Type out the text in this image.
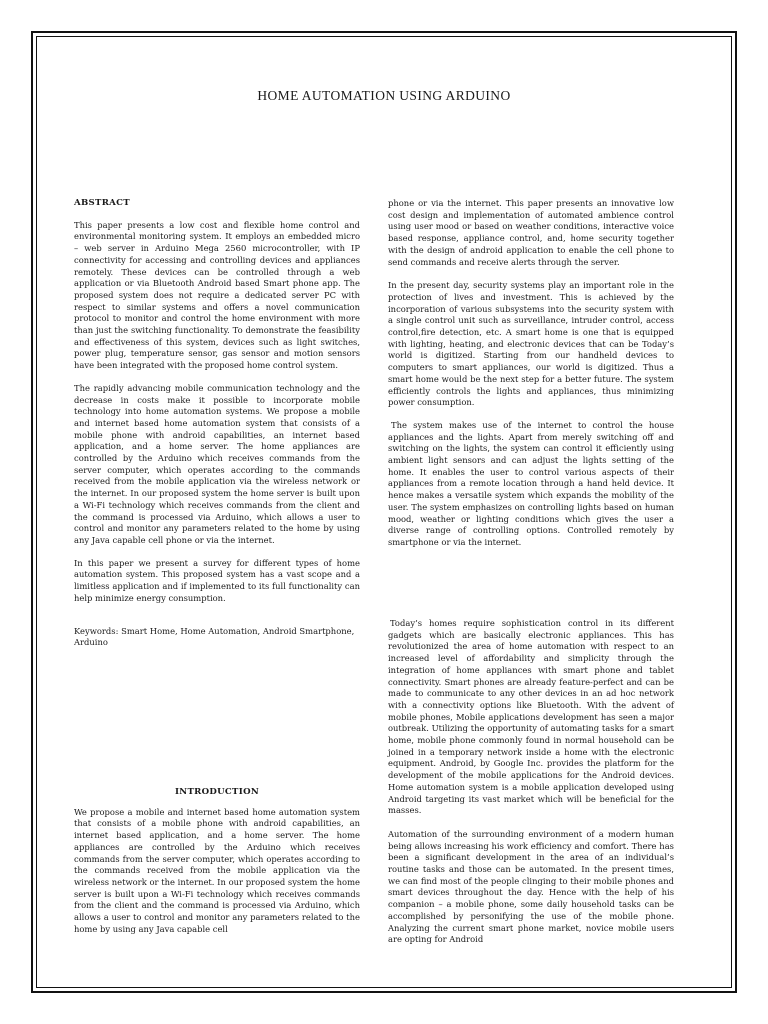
HOME AUTOMATION USING ARDUINO

ABSTRACT

This paper presents a low cost and flexible home control and environmental monitoring system. It employs an embedded micro – web server in Arduino Mega 2560 microcontroller, with IP connectivity for accessing and controlling devices and appliances remotely. These devices can be controlled through a web application or via Bluetooth Android based Smart phone app. The proposed system does not require a dedicated server PC with respect to similar systems and offers a novel communication protocol to monitor and control the home environment with more than just the switching functionality. To demonstrate the feasibility and effectiveness of this system, devices such as light switches, power plug, temperature sensor, gas sensor and motion sensors have been integrated with the proposed home control system.

The rapidly advancing mobile communication technology and the decrease in costs make it possible to incorporate mobile technology into home automation systems. We propose a mobile and internet based home automation system that consists of a mobile phone with android capabilities, an internet based application, and a home server. The home appliances are controlled by the Arduino which receives commands from the server computer, which operates according to the commands received from the mobile application via the wireless network or the internet. In our proposed system the home server is built upon a Wi-Fi technology which receives commands from the client and the command is processed via Arduino, which allows a user to control and monitor any parameters related to the home by using any Java capable cell phone or via the internet.

In this paper we present a survey for different types of home automation system. This proposed system has a vast scope and a limitless application and if implemented to its full functionality can help minimize energy consumption.

Keywords: Smart Home, Home Automation, Android Smartphone, Arduino

INTRODUCTION

We propose a mobile and internet based home automation system that consists of a mobile phone with android capabilities, an internet based application, and a home server. The home appliances are controlled by the Arduino which receives commands from the server computer, which operates according to the commands received from the mobile application via the wireless network or the internet. In our proposed system the home server is built upon a Wi-Fi technology which receives commands from the client and the command is processed via Arduino, which allows a user to control and monitor any parameters related to the home by using any Java capable cell

phone or via the internet. This paper presents an innovative low cost design and implementation of automated ambience control using user mood or based on weather conditions, interactive voice based response, appliance control, and, home security together with the design of android application to enable the cell phone to send commands and receive alerts through the server.

In the present day, security systems play an important role in the protection of lives and investment. This is achieved by the incorporation of various subsystems into the security system with a single control unit such as surveillance, intruder control, access control,fire detection, etc. A smart home is one that is equipped with lighting, heating, and electronic devices that can be Today’s world is digitized. Starting from our handheld devices to computers to smart appliances, our world is digitized. Thus a smart home would be the next step for a better future. The system efficiently controls the lights and appliances, thus minimizing power consumption.

The system makes use of the internet to control the house appliances and the lights. Apart from merely switching off and switching on the lights, the system can control it efficiently using ambient light sensors and can adjust the lights setting of the home. It enables the user to control various aspects of their appliances from a remote location through a hand held device. It hence makes a versatile system which expands the mobility of the user. The system emphasizes on controlling lights based on human mood, weather or lighting conditions which gives the user a diverse range of controlling options. Controlled remotely by smartphone or via the internet.

Today’s homes require sophistication control in its different gadgets which are basically electronic appliances. This has revolutionized the area of home automation with respect to an increased level of affordability and simplicity through the integration of home appliances with smart phone and tablet connectivity. Smart phones are already feature-perfect and can be made to communicate to any other devices in an ad hoc network with a connectivity options like Bluetooth. With the advent of mobile phones, Mobile applications development has seen a major outbreak. Utilizing the opportunity of automating tasks for a smart home, mobile phone commonly found in normal household can be joined in a temporary network inside a home with the electronic equipment. Android, by Google Inc. provides the platform for the development of the mobile applications for the Android devices. Home automation system is a mobile application developed using Android targeting its vast market which will be beneficial for the masses.

Automation of the surrounding environment of a modern human being allows increasing his work efficiency and comfort. There has been a significant development in the area of an individual’s routine tasks and those can be automated. In the present times, we can find most of the people clinging to their mobile phones and smart devices throughout the day. Hence with the help of his companion – a mobile phone, some daily household tasks can be accomplished by personifying the use of the mobile phone. Analyzing the current smart phone market, novice mobile users are opting for Android
